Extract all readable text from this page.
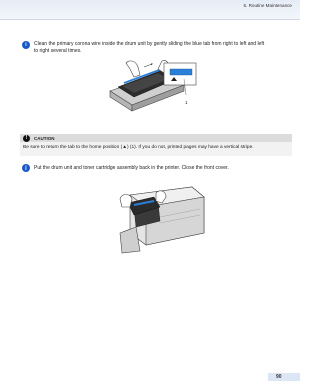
6. Routine Maintenance
i	Clean the primary corona wire inside the drum unit by gently sliding the blue tab from right to left and left
to right several times.
1
!	CAUTION
Be sure to return the tab to the home position (▲) (1). If you do not, printed pages may have a vertical stripe.
j	Put the drum unit and toner cartridge assembly back in the printer. Close the front cover.
90
